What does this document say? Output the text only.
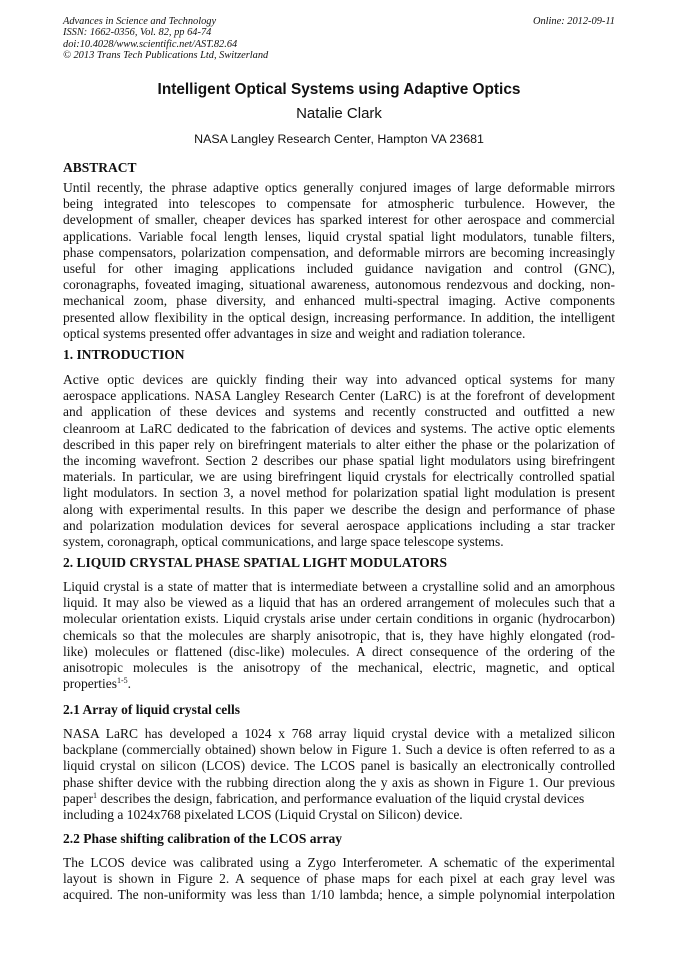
Advances in Science and Technology
ISSN: 1662-0356, Vol. 82, pp 64-74
doi:10.4028/www.scientific.net/AST.82.64
© 2013 Trans Tech Publications Ltd, Switzerland
Online: 2012-09-11
Intelligent Optical Systems using Adaptive Optics
Natalie Clark
NASA Langley Research Center, Hampton VA 23681
ABSTRACT
Until recently, the phrase adaptive optics generally conjured images of large deformable mirrors
being integrated into telescopes to compensate for atmospheric turbulence. However, the
development of smaller, cheaper devices has sparked interest for other aerospace and commercial
applications. Variable focal length lenses, liquid crystal spatial light modulators, tunable filters,
phase compensators, polarization compensation, and deformable mirrors are becoming increasingly
useful for other imaging applications included guidance navigation and control (GNC),
coronagraphs, foveated imaging, situational awareness, autonomous rendezvous and docking, non-
mechanical zoom, phase diversity, and enhanced multi-spectral imaging. Active components
presented allow flexibility in the optical design, increasing performance. In addition, the intelligent
optical systems presented offer advantages in size and weight and radiation tolerance.
1. INTRODUCTION
Active optic devices are quickly finding their way into advanced optical systems for many
aerospace applications. NASA Langley Research Center (LaRC) is at the forefront of development
and application of these devices and systems and recently constructed and outfitted a new
cleanroom at LaRC dedicated to the fabrication of devices and systems. The active optic elements
described in this paper rely on birefringent materials to alter either the phase or the polarization of
the incoming wavefront. Section 2 describes our phase spatial light modulators using birefringent
materials. In particular, we are using birefringent liquid crystals for electrically controlled spatial
light modulators. In section 3, a novel method for polarization spatial light modulation is present
along with experimental results. In this paper we describe the design and performance of phase
and polarization modulation devices for several aerospace applications including a star tracker
system, coronagraph, optical communications, and large space telescope systems.
2. LIQUID CRYSTAL PHASE SPATIAL LIGHT MODULATORS
Liquid crystal is a state of matter that is intermediate between a crystalline solid and an amorphous
liquid. It may also be viewed as a liquid that has an ordered arrangement of molecules such that a
molecular orientation exists. Liquid crystals arise under certain conditions in organic (hydrocarbon)
chemicals so that the molecules are sharply anisotropic, that is, they have highly elongated (rod-
like) molecules or flattened (disc-like) molecules. A direct consequence of the ordering of the
anisotropic molecules is the anisotropy of the mechanical, electric, magnetic, and optical
properties$^{1-5}$.
2.1 Array of liquid crystal cells
NASA LaRC has developed a 1024 x 768 array liquid crystal device with a metalized silicon
backplane (commercially obtained) shown below in Figure 1. Such a device is often referred to as a
liquid crystal on silicon (LCOS) device. The LCOS panel is basically an electronically controlled
phase shifter device with the rubbing direction along the y axis as shown in Figure 1. Our previous
paper$^1$ describes the design, fabrication, and performance evaluation of the liquid crystal devices
including a 1024x768 pixelated LCOS (Liquid Crystal on Silicon) device.
2.2 Phase shifting calibration of the LCOS array
The LCOS device was calibrated using a Zygo Interferometer. A schematic of the experimental
layout is shown in Figure 2. A sequence of phase maps for each pixel at each gray level was
acquired. The non-uniformity was less than 1/10 lambda; hence, a simple polynomial interpolation
